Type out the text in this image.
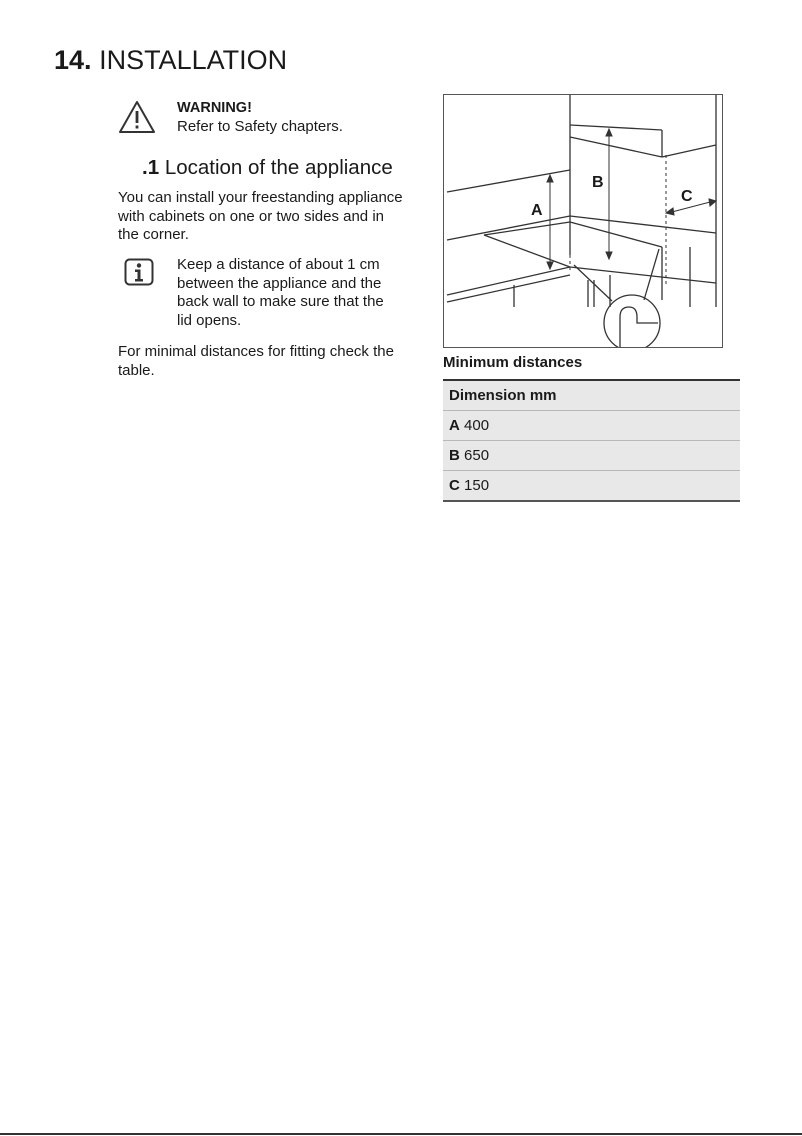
14. INSTALLATION
WARNING!
Refer to Safety chapters.
.1 Location of the appliance
You can install your freestanding appliance with cabinets on one or two sides and in the corner.
Keep a distance of about 1 cm between the appliance and the back wall to make sure that the lid opens.
For minimal distances for fitting check the table.
A
B
C
Minimum distances
Dimension mm
A 400
B 650
C 150
